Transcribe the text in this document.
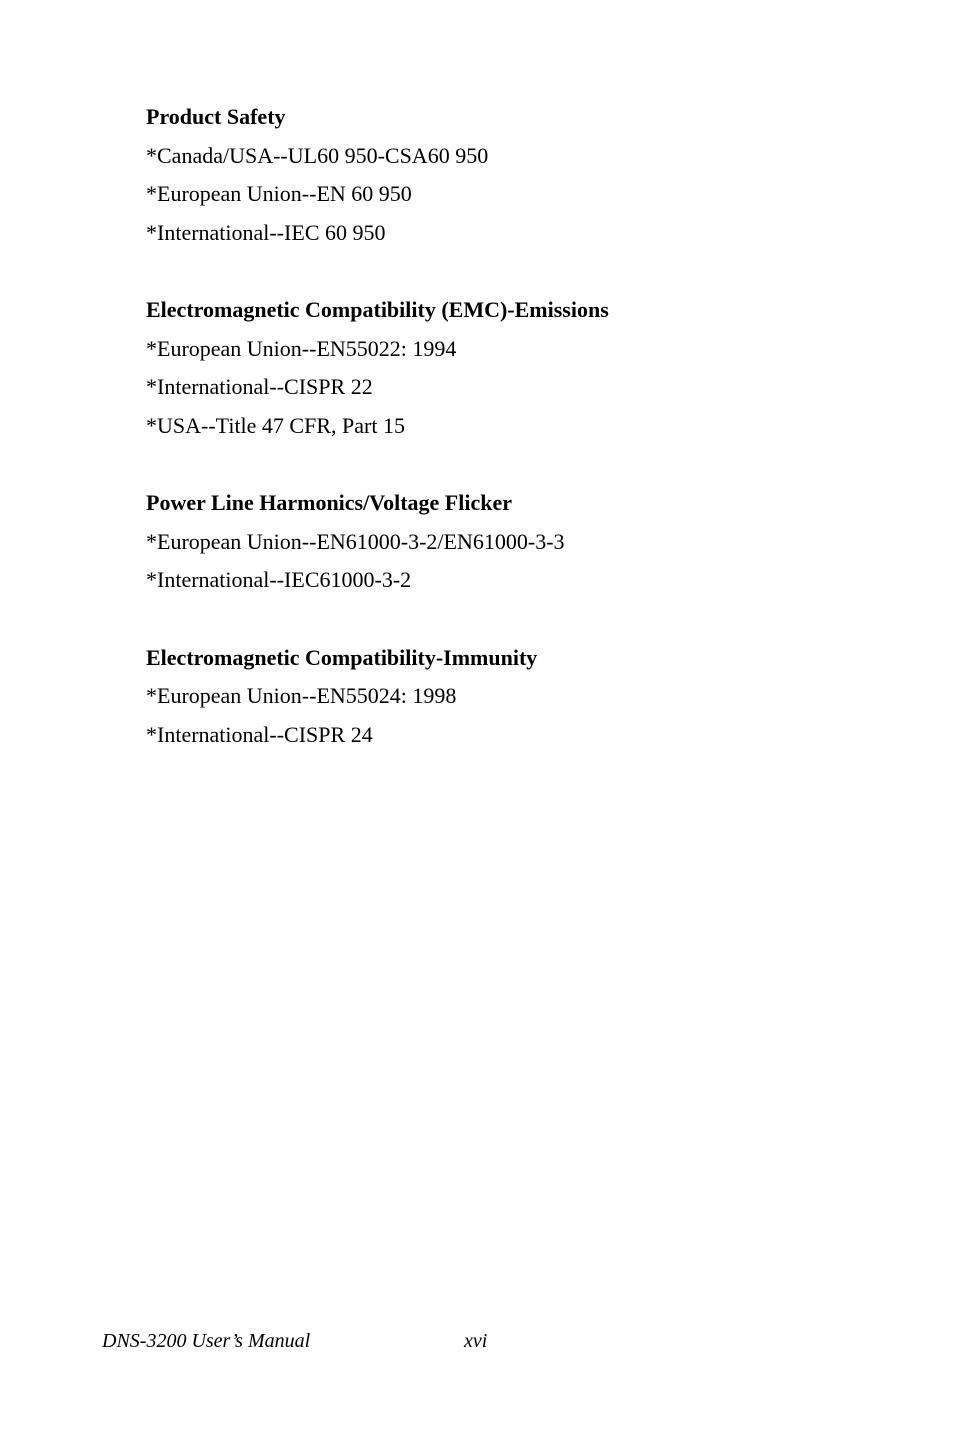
Product Safety

*Canada/USA--UL60 950-CSA60 950

*European Union--EN 60 950

*International--IEC 60 950

Electromagnetic Compatibility (EMC)-Emissions

*European Union--EN55022: 1994

*International--CISPR 22

*USA--Title 47 CFR, Part 15

Power Line Harmonics/Voltage Flicker

*European Union--EN61000-3-2/EN61000-3-3

*International--IEC61000-3-2

Electromagnetic Compatibility-Immunity

*European Union--EN55024: 1998

*International--CISPR 24

DNS-3200 User’s Manual	xvi
